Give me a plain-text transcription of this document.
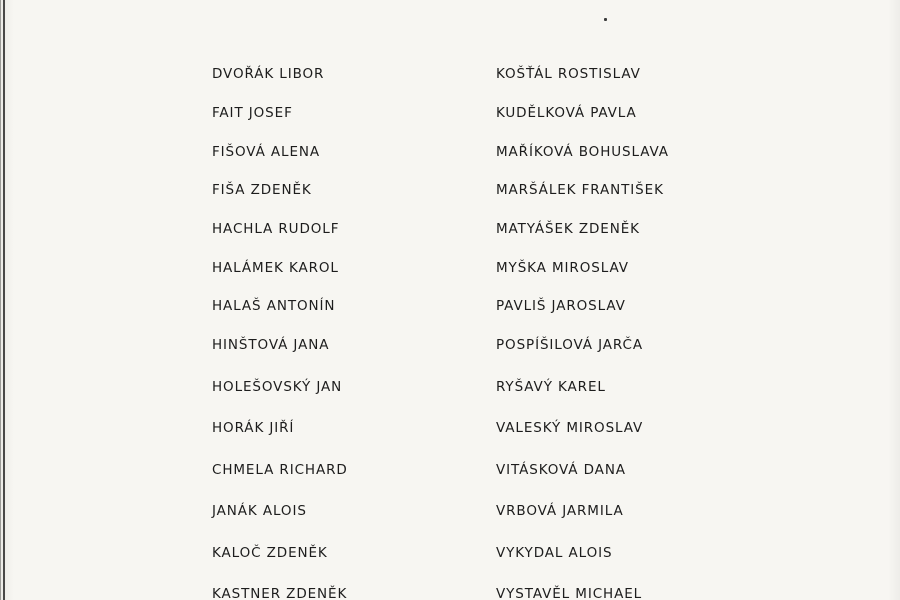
DVOŘÁK LIBOR
FAIT JOSEF
FIŠOVÁ ALENA
FIŠA ZDENĚK
HACHLA RUDOLF
HALÁMEK KAROL
HALAŠ ANTONÍN
HINŠTOVÁ JANA
HOLEŠOVSKÝ JAN
HORÁK JIŘÍ
CHMELA RICHARD
JANÁK ALOIS
KALOČ ZDENĚK
KASTNER ZDENĚK
KOŠŤÁL ROSTISLAV
KUDĚLKOVÁ PAVLA
MAŘÍKOVÁ BOHUSLAVA
MARŠÁLEK FRANTIŠEK
MATYÁŠEK ZDENĚK
MYŠKA MIROSLAV
PAVLIŠ JAROSLAV
POSPÍŠILOVÁ JARČA
RYŠAVÝ KAREL
VALESKÝ MIROSLAV
VITÁSKOVÁ DANA
VRBOVÁ JARMILA
VYKYDAL ALOIS
VYSTAVĚL MICHAEL
